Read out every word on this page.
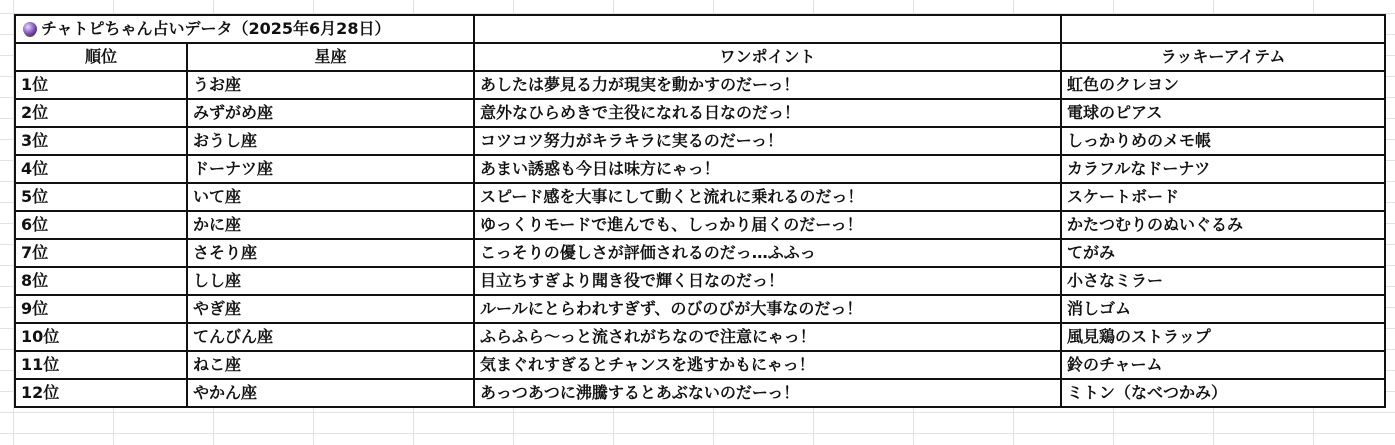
チャトピちゃん占いデータ（2025年6月28日）			
順位	星座	ワンポイント	ラッキーアイテム
1位	うお座	あしたは夢見る力が現実を動かすのだーっ！	虹色のクレヨン
2位	みずがめ座	意外なひらめきで主役になれる日なのだっ！	電球のピアス
3位	おうし座	コツコツ努力がキラキラに実るのだーっ！	しっかりめのメモ帳
4位	ドーナツ座	あまい誘惑も今日は味方にゃっ！	カラフルなドーナツ
5位	いて座	スピード感を大事にして動くと流れに乗れるのだっ！	スケートボード
6位	かに座	ゆっくりモードで進んでも、しっかり届くのだーっ！	かたつむりのぬいぐるみ
7位	さそり座	こっそりの優しさが評価されるのだっ…ふふっ	てがみ
8位	しし座	目立ちすぎより聞き役で輝く日なのだっ！	小さなミラー
9位	やぎ座	ルールにとらわれすぎず、のびのびが大事なのだっ！	消しゴム
10位	てんびん座	ふらふら〜っと流されがちなので注意にゃっ！	風見鶏のストラップ
11位	ねこ座	気まぐれすぎるとチャンスを逃すかもにゃっ！	鈴のチャーム
12位	やかん座	あっつあつに沸騰するとあぶないのだーっ！	ミトン（なべつかみ）
